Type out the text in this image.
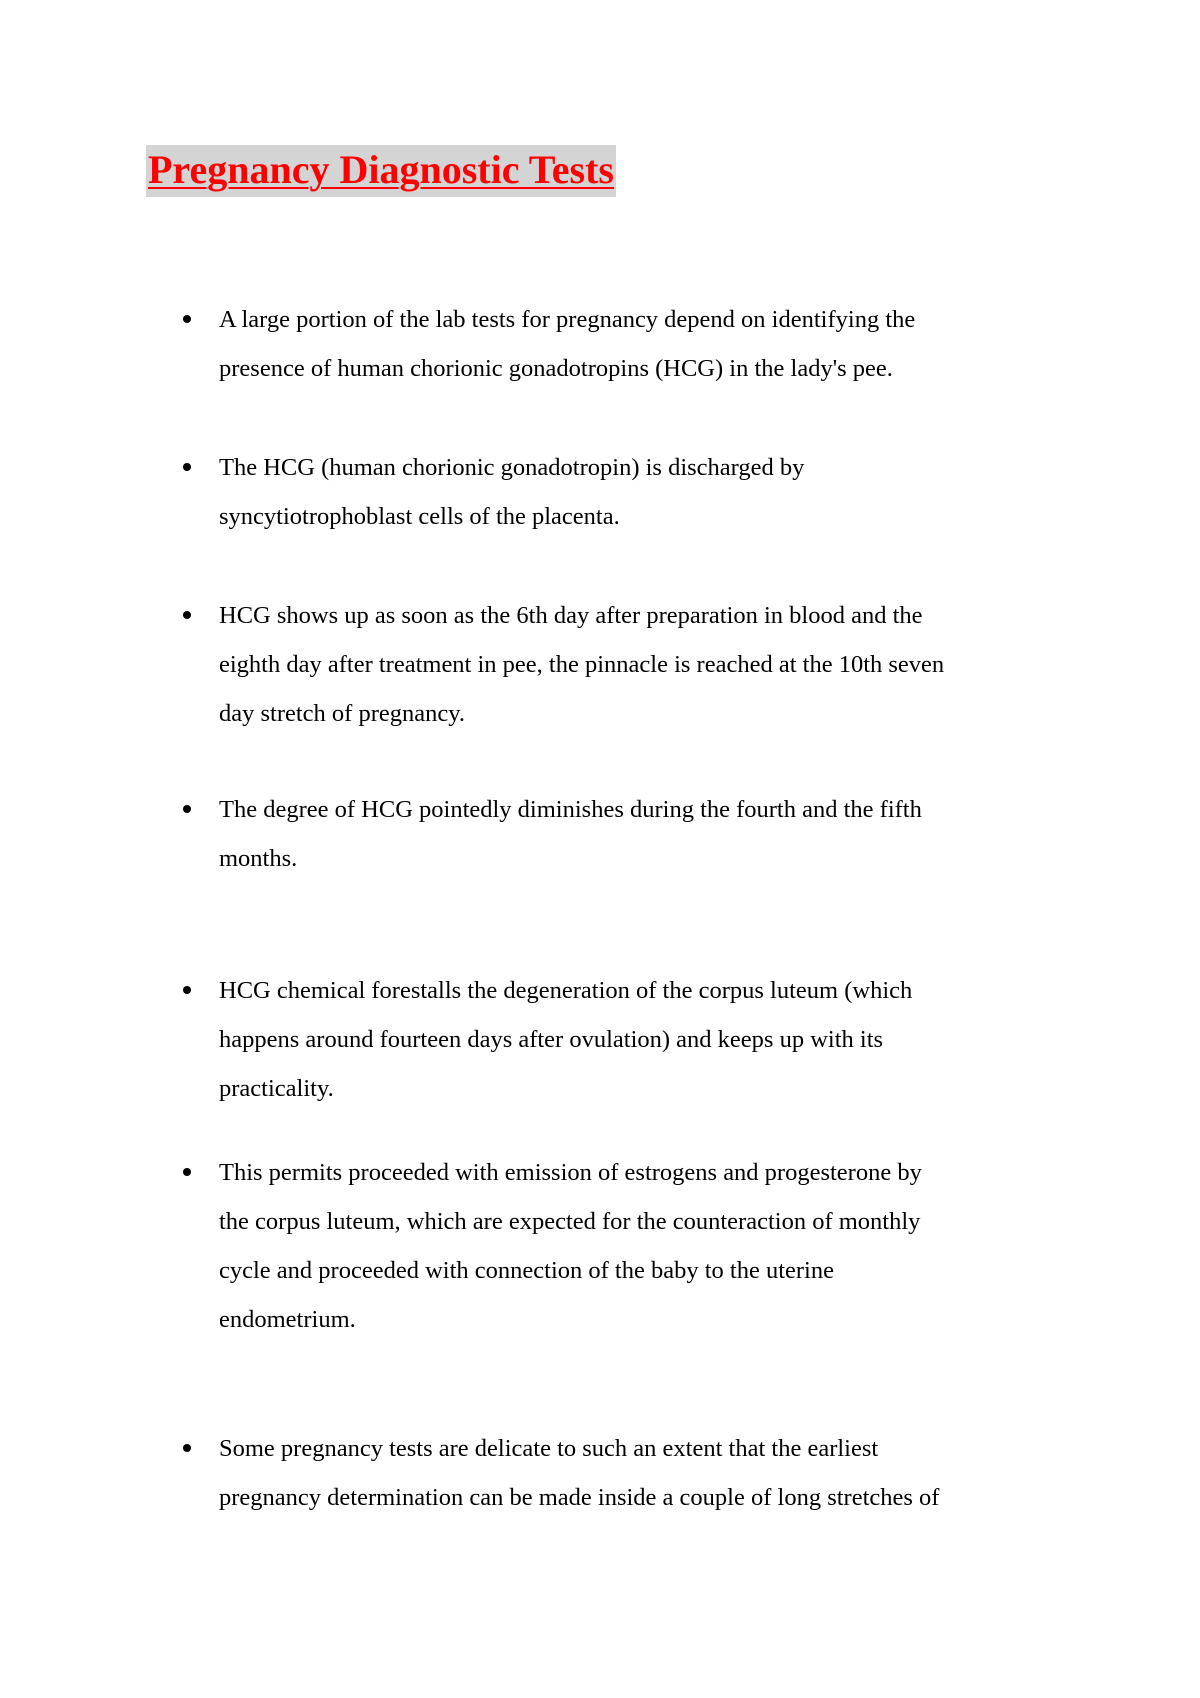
Pregnancy Diagnostic Tests
A large portion of the lab tests for pregnancy depend on identifying the
presence of human chorionic gonadotropins (HCG) in the lady's pee.
The HCG (human chorionic gonadotropin) is discharged by
syncytiotrophoblast cells of the placenta.
HCG shows up as soon as the 6th day after preparation in blood and the
eighth day after treatment in pee, the pinnacle is reached at the 10th seven
day stretch of pregnancy.
The degree of HCG pointedly diminishes during the fourth and the fifth
months.
HCG chemical forestalls the degeneration of the corpus luteum (which
happens around fourteen days after ovulation) and keeps up with its
practicality.
This permits proceeded with emission of estrogens and progesterone by
the corpus luteum, which are expected for the counteraction of monthly
cycle and proceeded with connection of the baby to the uterine
endometrium.
Some pregnancy tests are delicate to such an extent that the earliest
pregnancy determination can be made inside a couple of long stretches of
